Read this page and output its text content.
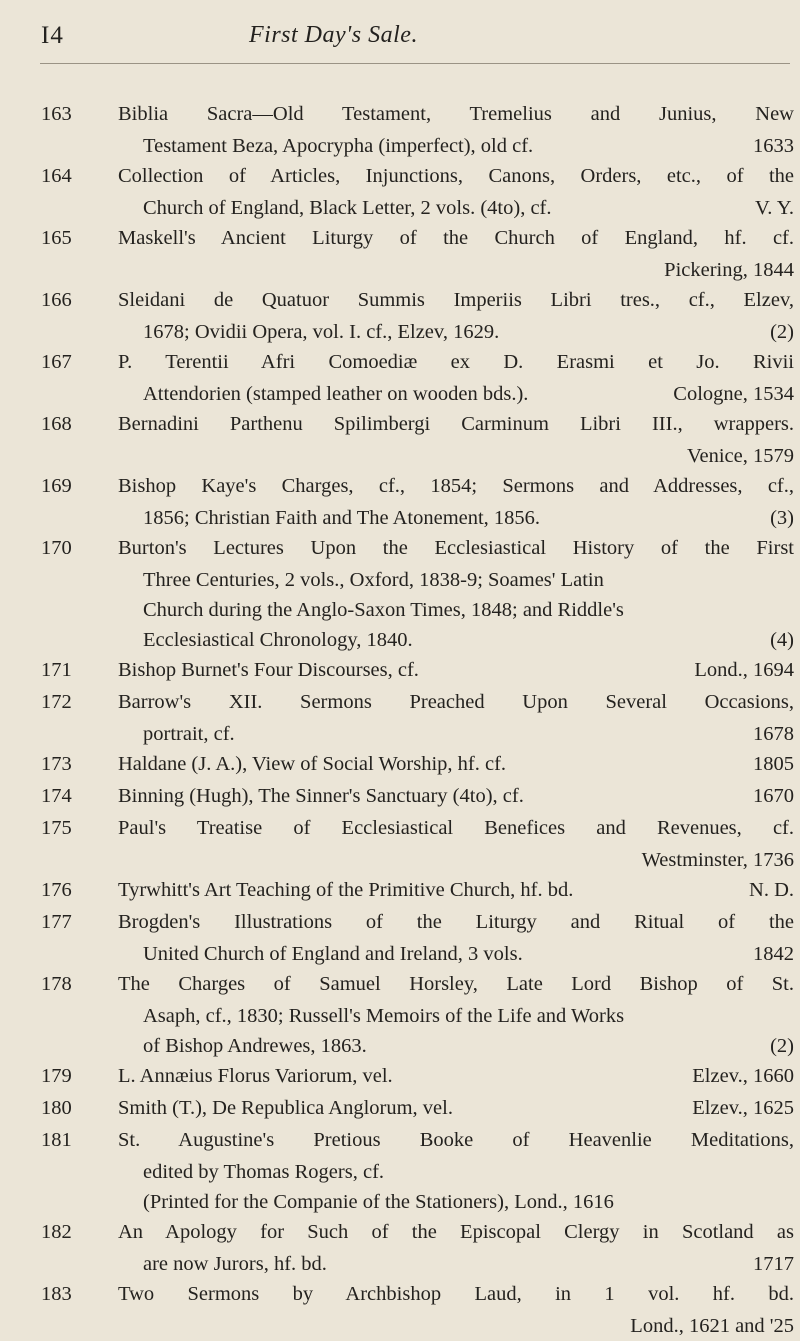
I4	First Day's Sale.
163 Biblia Sacra—Old Testament, Tremelius and Junius, New
Testament Beza, Apocrypha (imperfect), old cf.	1633
164 Collection of Articles, Injunctions, Canons, Orders, etc., of the
Church of England, Black Letter, 2 vols. (4to), cf.	V. Y.
165 Maskell's Ancient Liturgy of the Church of England, hf. cf.
Pickering, 1844
166 Sleidani de Quatuor Summis Imperiis Libri tres., cf., Elzev,
1678; Ovidii Opera, vol. I. cf., Elzev, 1629.	(2)
167 P. Terentii Afri Comoediæ ex D. Erasmi et Jo. Rivii
Attendorien (stamped leather on wooden bds.).	Cologne, 1534
168 Bernadini Parthenu Spilimbergi Carminum Libri III., wrappers.
Venice, 1579
169 Bishop Kaye's Charges, cf., 1854; Sermons and Addresses, cf.,
1856; Christian Faith and The Atonement, 1856.	(3)
170 Burton's Lectures Upon the Ecclesiastical History of the First
Three Centuries, 2 vols., Oxford, 1838-9; Soames' Latin
Church during the Anglo-Saxon Times, 1848; and Riddle's
Ecclesiastical Chronology, 1840.	(4)
171 Bishop Burnet's Four Discourses, cf.	Lond., 1694
172 Barrow's XII. Sermons Preached Upon Several Occasions,
portrait, cf.	1678
173 Haldane (J. A.), View of Social Worship, hf. cf.	1805
174 Binning (Hugh), The Sinner's Sanctuary (4to), cf.	1670
175 Paul's Treatise of Ecclesiastical Benefices and Revenues, cf.
Westminster, 1736
176 Tyrwhitt's Art Teaching of the Primitive Church, hf. bd.	N. D.
177 Brogden's Illustrations of the Liturgy and Ritual of the
United Church of England and Ireland, 3 vols.	1842
178 The Charges of Samuel Horsley, Late Lord Bishop of St.
Asaph, cf., 1830; Russell's Memoirs of the Life and Works
of Bishop Andrewes, 1863.	(2)
179 L. Annæius Florus Variorum, vel.	Elzev., 1660
180 Smith (T.), De Republica Anglorum, vel.	Elzev., 1625
181 St. Augustine's Pretious Booke of Heavenlie Meditations,
edited by Thomas Rogers, cf.
(Printed for the Companie of the Stationers), Lond., 1616
182 An Apology for Such of the Episcopal Clergy in Scotland as
are now Jurors, hf. bd.	1717
183 Two Sermons by Archbishop Laud, in 1 vol. hf. bd.
Lond., 1621 and '25
